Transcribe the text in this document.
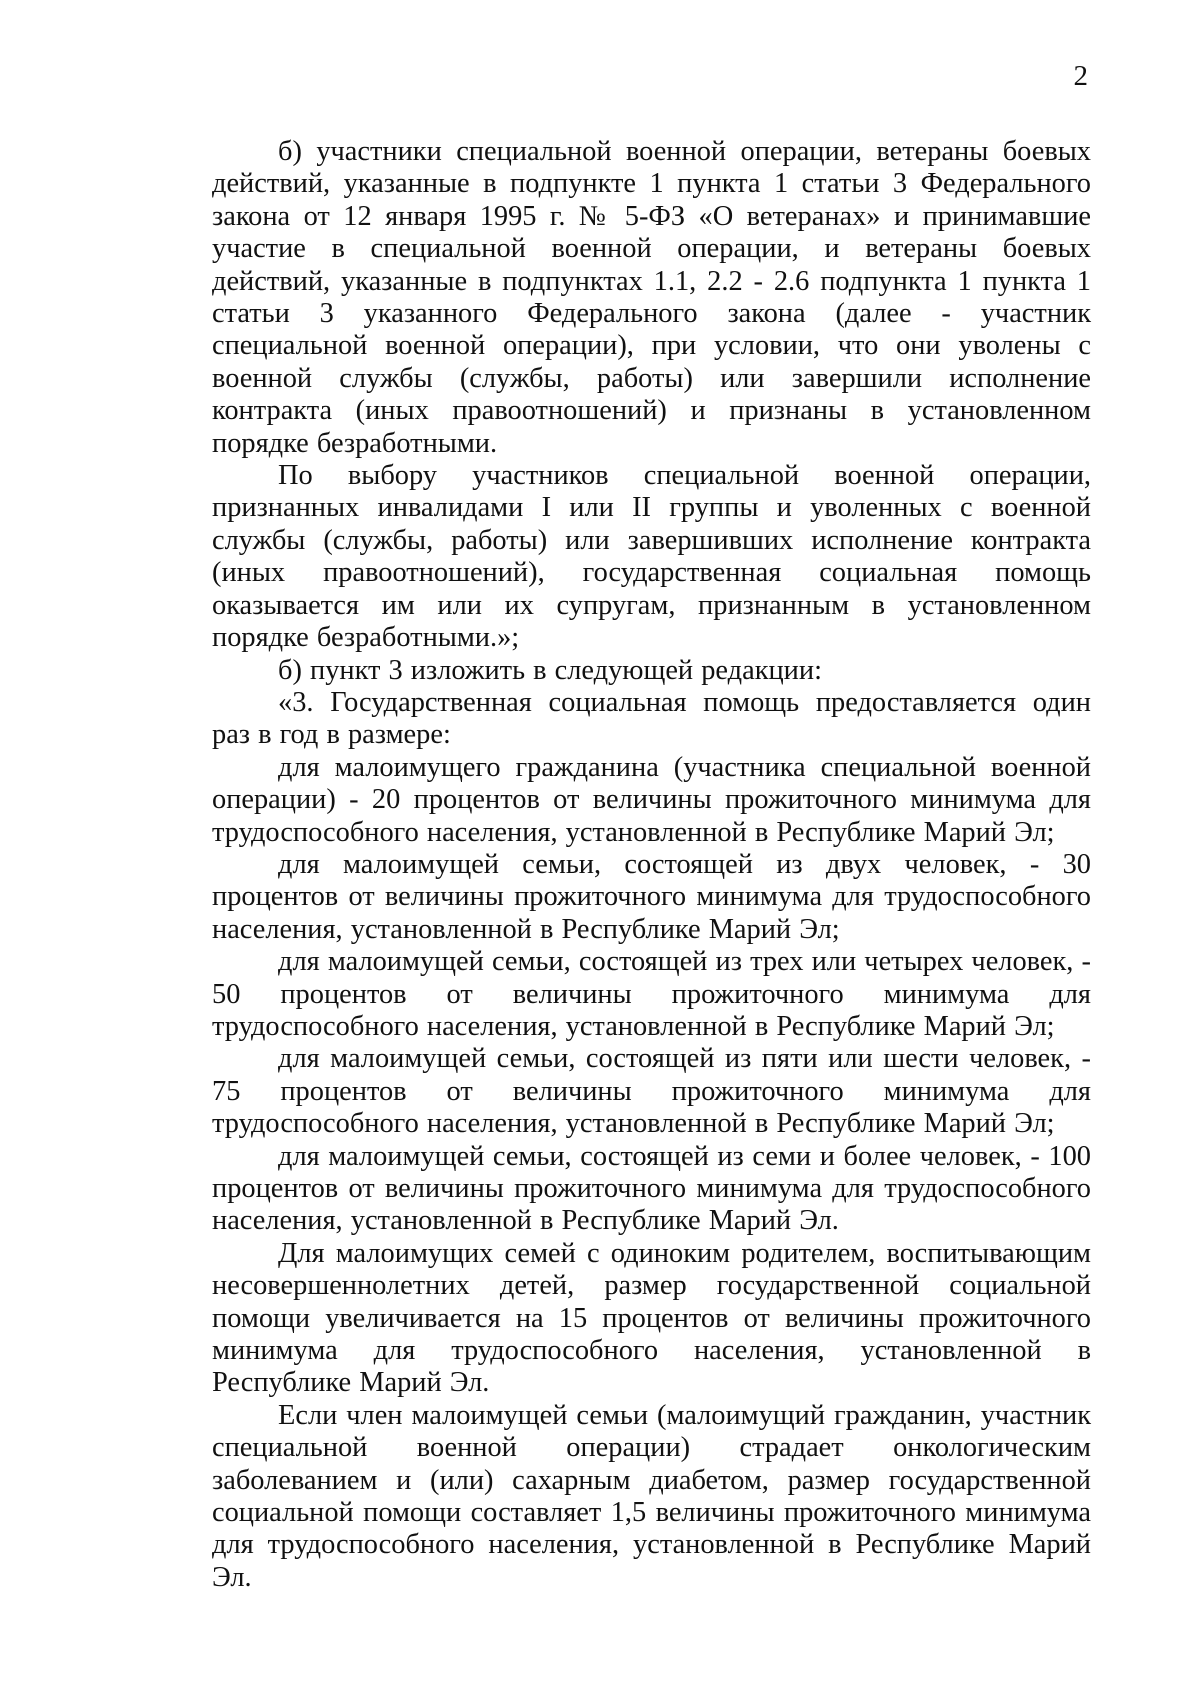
2

б) участники специальной военной операции, ветераны боевых действий, указанные в подпункте 1 пункта 1 статьи 3 Федерального закона от 12 января 1995 г. № 5-ФЗ «О ветеранах» и принимавшие участие в специальной военной операции, и ветераны боевых действий, указанные в подпунктах 1.1, 2.2 - 2.6 подпункта 1 пункта 1 статьи 3 указанного Федерального закона (далее - участник специальной военной операции), при условии, что они уволены с военной службы (службы, работы) или завершили исполнение контракта (иных правоотношений) и признаны в установленном порядке безработными.

По выбору участников специальной военной операции, признанных инвалидами I или II группы и уволенных с военной службы (службы, работы) или завершивших исполнение контракта (иных правоотношений), государственная социальная помощь оказывается им или их супругам, признанным в установленном порядке безработными.»;

б) пункт 3 изложить в следующей редакции:

«3. Государственная социальная помощь предоставляется один раз в год в размере:

для малоимущего гражданина (участника специальной военной операции) - 20 процентов от величины прожиточного минимума для трудоспособного населения, установленной в Республике Марий Эл;

для малоимущей семьи, состоящей из двух человек, - 30 процентов от величины прожиточного минимума для трудоспособного населения, установленной в Республике Марий Эл;

для малоимущей семьи, состоящей из трех или четырех человек, - 50 процентов от величины прожиточного минимума для трудоспособного населения, установленной в Республике Марий Эл;

для малоимущей семьи, состоящей из пяти или шести человек, - 75 процентов от величины прожиточного минимума для трудоспособного населения, установленной в Республике Марий Эл;

для малоимущей семьи, состоящей из семи и более человек, - 100 процентов от величины прожиточного минимума для трудоспособного населения, установленной в Республике Марий Эл.

Для малоимущих семей с одиноким родителем, воспитывающим несовершеннолетних детей, размер государственной социальной помощи увеличивается на 15 процентов от величины прожиточного минимума для трудоспособного населения, установленной в Республике Марий Эл.

Если член малоимущей семьи (малоимущий гражданин, участник специальной военной операции) страдает онкологическим заболеванием и (или) сахарным диабетом, размер государственной социальной помощи составляет 1,5 величины прожиточного минимума для трудоспособного населения, установленной в Республике Марий Эл.
